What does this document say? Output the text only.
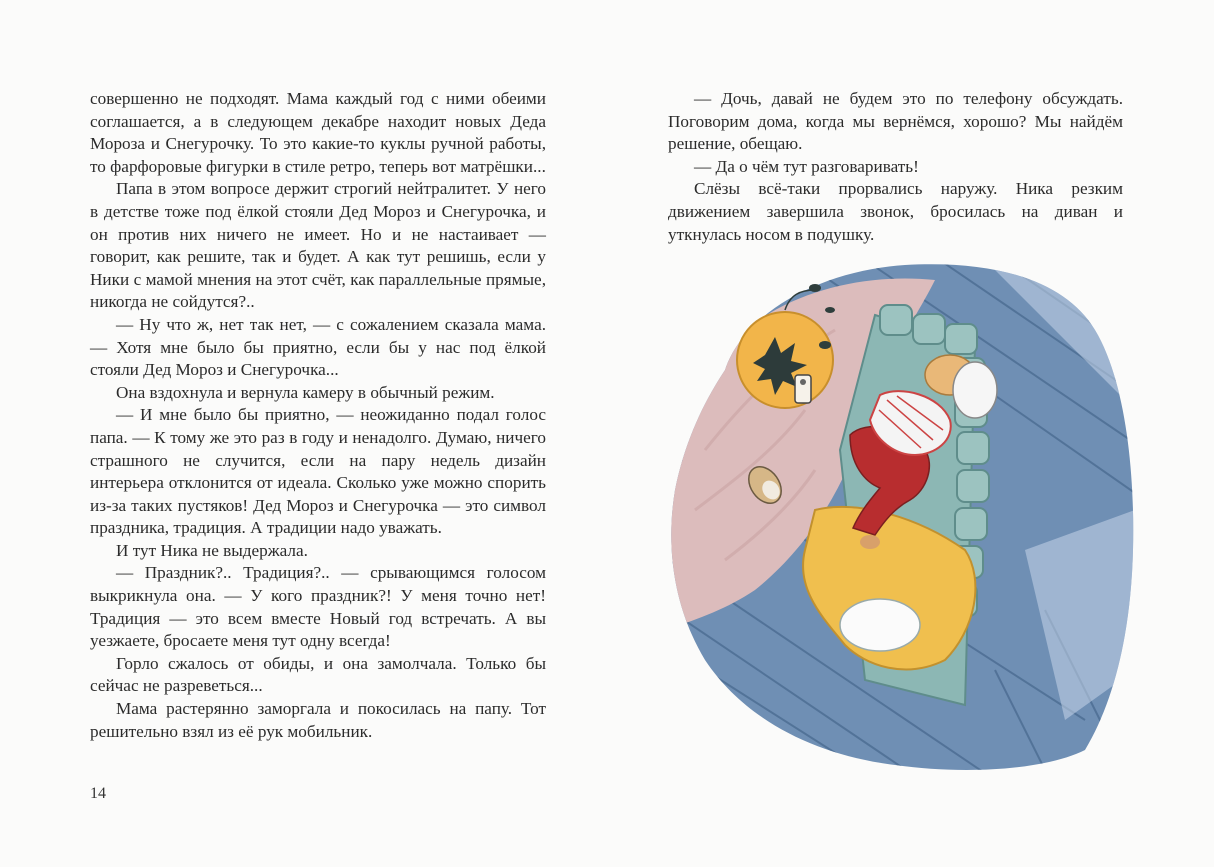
совершенно не подходят. Мама каждый год с ними обеими соглашается, а в следующем декабре находит новых Деда Мороза и Снегурочку. То это какие-то куклы ручной работы, то фарфоровые фигурки в стиле ретро, теперь вот матрёшки...

Папа в этом вопросе держит строгий нейтралитет. У него в детстве тоже под ёлкой стояли Дед Мороз и Снегурочка, и он против них ничего не имеет. Но и не настаивает — говорит, как решите, так и будет. А как тут решишь, если у Ники с мамой мнения на этот счёт, как параллельные прямые, никогда не сойдутся?..

— Ну что ж, нет так нет, — с сожалением сказала мама. — Хотя мне было бы приятно, если бы у нас под ёлкой стояли Дед Мороз и Снегурочка...

Она вздохнула и вернула камеру в обычный режим.

— И мне было бы приятно, — неожиданно подал голос папа. — К тому же это раз в году и ненадолго. Думаю, ничего страшного не случится, если на пару недель дизайн интерьера отклонится от идеала. Сколько уже можно спорить из-за таких пустяков! Дед Мороз и Снегурочка — это символ праздника, традиция. А традиции надо уважать.

И тут Ника не выдержала.

— Праздник?.. Традиция?.. — срывающимся голосом выкрикнула она. — У кого праздник?! У меня точно нет! Традиция — это всем вместе Новый год встречать. А вы уезжаете, бросаете меня тут одну всегда!

Горло сжалось от обиды, и она замолчала. Только бы сейчас не разреветься...

Мама растерянно заморгала и покосилась на папу. Тот решительно взял из её рук мобильник.

14

— Дочь, давай не будем это по телефону обсуждать. Поговорим дома, когда мы вернёмся, хорошо? Мы найдём решение, обещаю.

— Да о чём тут разговаривать!

Слёзы всё-таки прорвались наружу. Ника резким движением завершила звонок, бросилась на диван и уткнулась носом в подушку.
